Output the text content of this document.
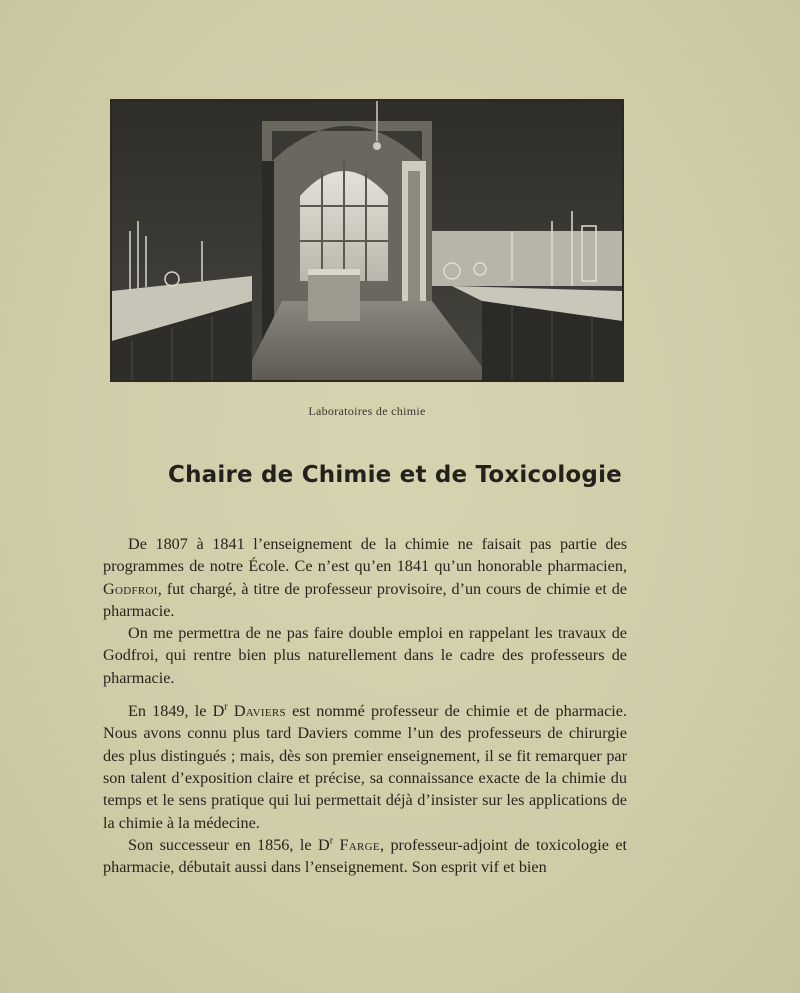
Laboratoires de chimie
Chaire de Chimie et de Toxicologie

De 1807 à 1841 l’enseignement de la chimie ne faisait pas partie des programmes de notre École. Ce n’est qu’en 1841 qu’un honorable pharmacien, Godfroi, fut chargé, à titre de professeur provisoire, d’un cours de chimie et de pharmacie.

On me permettra de ne pas faire double emploi en rappelant les travaux de Godfroi, qui rentre bien plus naturellement dans le cadre des professeurs de pharmacie.

En 1849, le $D^r$ Daviers est nommé professeur de chimie et de pharmacie. Nous avons connu plus tard Daviers comme l’un des professeurs de chirurgie des plus distingués ; mais, dès son premier enseignement, il se fit remarquer par son talent d’exposition claire et précise, sa connaissance exacte de la chimie du temps et le sens pratique qui lui permettait déjà d’insister sur les applications de la chimie à la médecine.

Son successeur en 1856, le $D^r$ Farge, professeur-adjoint de toxicologie et pharmacie, débutait aussi dans l’enseignement. Son esprit vif et bien
